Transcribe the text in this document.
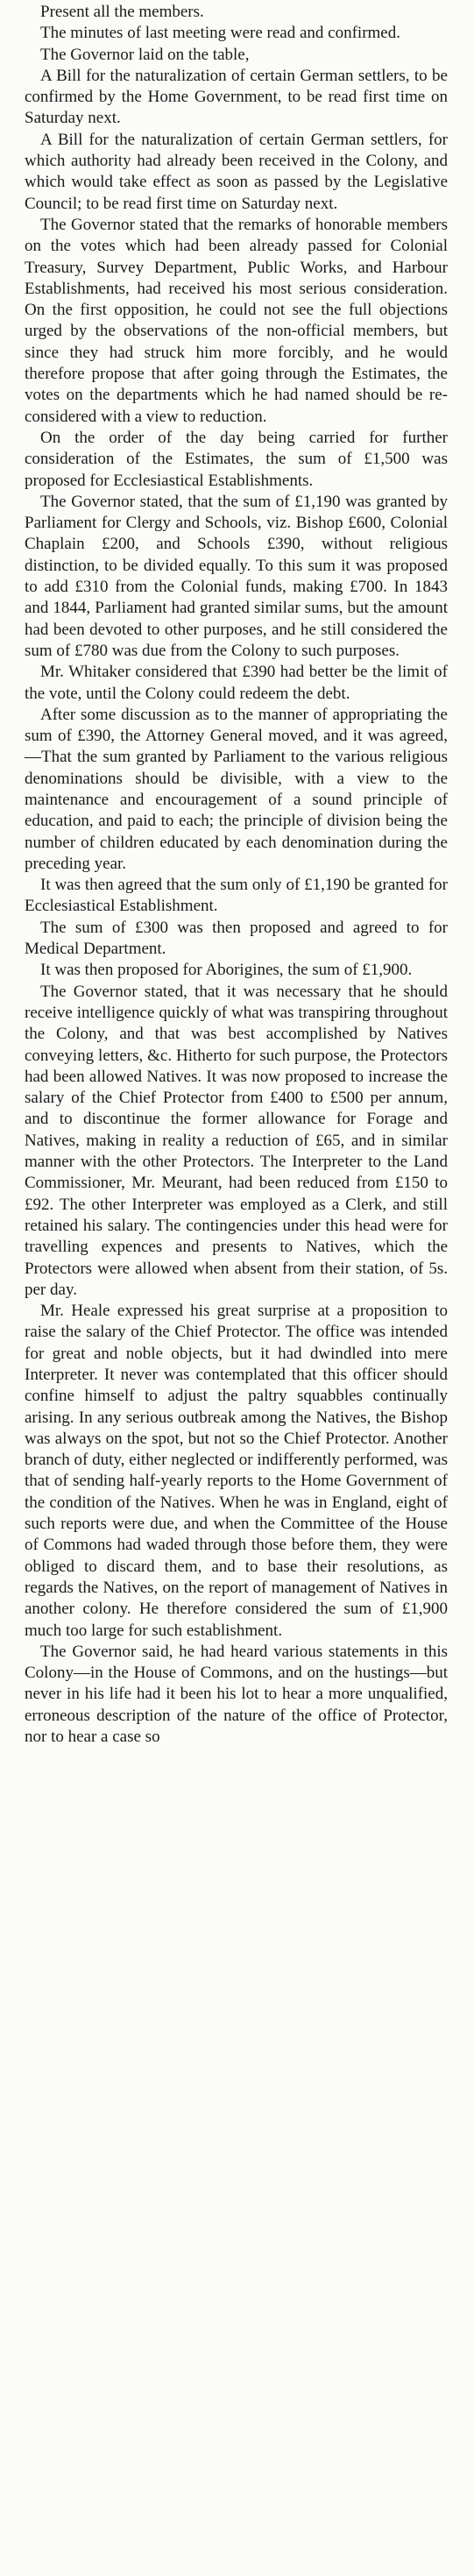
Present all the members.

The minutes of last meeting were read and confirmed.

The Governor laid on the table,

A Bill for the naturalization of certain German settlers, to be confirmed by the Home Government, to be read first time on Saturday next.

A Bill for the naturalization of certain German settlers, for which authority had already been received in the Colony, and which would take effect as soon as passed by the Legislative Council; to be read first time on Saturday next.

The Governor stated that the remarks of honorable members on the votes which had been already passed for Colonial Treasury, Survey Department, Public Works, and Harbour Establishments, had received his most serious consideration. On the first opposition, he could not see the full objections urged by the observations of the non-official members, but since they had struck him more forcibly, and he would therefore propose that after going through the Estimates, the votes on the departments which he had named should be re-considered with a view to reduction.

On the order of the day being carried for further consideration of the Estimates, the sum of £1,500 was proposed for Ecclesiastical Establishments.

The Governor stated, that the sum of £1,190 was granted by Parliament for Clergy and Schools, viz. Bishop £600, Colonial Chaplain £200, and Schools £390, without religious distinction, to be divided equally. To this sum it was proposed to add £310 from the Colonial funds, making £700. In 1843 and 1844, Parliament had granted similar sums, but the amount had been devoted to other purposes, and he still considered the sum of £780 was due from the Colony to such purposes.

Mr. Whitaker considered that £390 had better be the limit of the vote, until the Colony could redeem the debt.

After some discussion as to the manner of appropriating the sum of £390, the Attorney General moved, and it was agreed,—That the sum granted by Parliament to the various religious denominations should be divisible, with a view to the maintenance and encouragement of a sound principle of education, and paid to each; the principle of division being the number of children educated by each denomination during the preceding year.

It was then agreed that the sum only of £1,190 be granted for Ecclesiastical Establishment.

The sum of £300 was then proposed and agreed to for Medical Department.

It was then proposed for Aborigines, the sum of £1,900.

The Governor stated, that it was necessary that he should receive intelligence quickly of what was transpiring throughout the Colony, and that was best accomplished by Natives conveying letters, &c. Hitherto for such purpose, the Protectors had been allowed Natives. It was now proposed to increase the salary of the Chief Protector from £400 to £500 per annum, and to discontinue the former allowance for Forage and Natives, making in reality a reduction of £65, and in similar manner with the other Protectors. The Interpreter to the Land Commissioner, Mr. Meurant, had been reduced from £150 to £92. The other Interpreter was employed as a Clerk, and still retained his salary. The contingencies under this head were for travelling expences and presents to Natives, which the Protectors were allowed when absent from their station, of 5s. per day.

Mr. Heale expressed his great surprise at a proposition to raise the salary of the Chief Protector. The office was intended for great and noble objects, but it had dwindled into mere Interpreter. It never was contemplated that this officer should confine himself to adjust the paltry squabbles continually arising. In any serious outbreak among the Natives, the Bishop was always on the spot, but not so the Chief Protector. Another branch of duty, either neglected or indifferently performed, was that of sending half-yearly reports to the Home Government of the condition of the Natives. When he was in England, eight of such reports were due, and when the Committee of the House of Commons had waded through those before them, they were obliged to discard them, and to base their resolutions, as regards the Natives, on the report of management of Natives in another colony. He therefore considered the sum of £1,900 much too large for such establishment.

The Governor said, he had heard various statements in this Colony—in the House of Commons, and on the hustings—but never in his life had it been his lot to hear a more unqualified, erroneous description of the nature of the office of Protector, nor to hear a case so
